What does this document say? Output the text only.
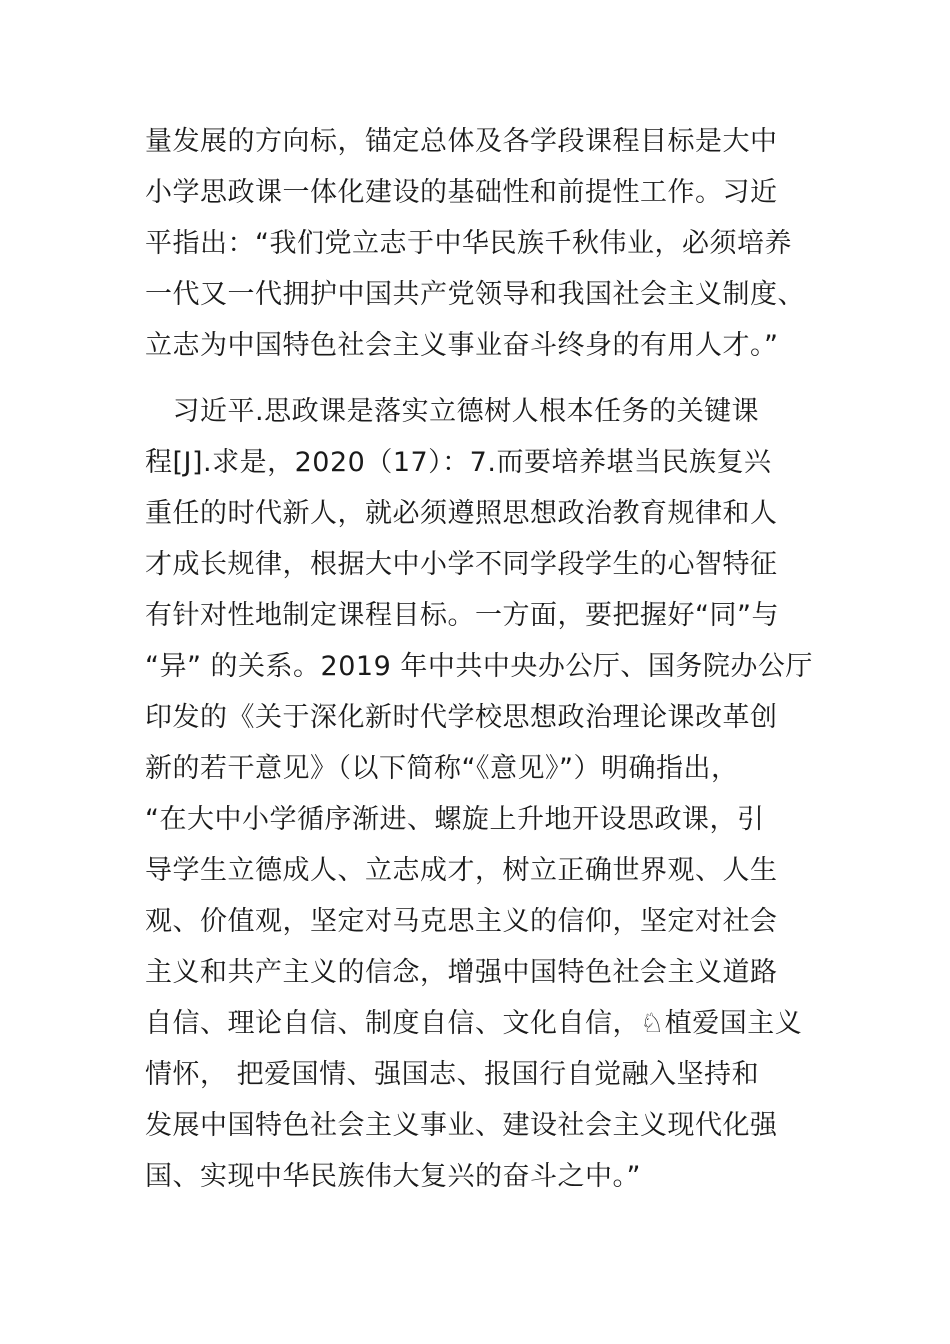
量发展的方向标，锚定总体及各学段课程目标是大中
小学思政课一体化建设的基础性和前提性工作。习近
平指出：“我们党立志于中华民族千秋伟业，必须培养
一代又一代拥护中国共产党领导和我国社会主义制度、
立志为中国特色社会主义事业奋斗终身的有用人才。”
　习近平.思政课是落实立德树人根本任务的关键课
程[J].求是，2020（17）：7.而要培养堪当民族复兴
重任的时代新人，就必须遵照思想政治教育规律和人
才成长规律，根据大中小学不同学段学生的心智特征
有针对性地制定课程目标。一方面，要把握好“同”与
“异” 的关系。2019 年中共中央办公厅、国务院办公厅
印发的《关于深化新时代学校思想政治理论课改革创
新的若干意见》（以下简称“《意见》”）明确指出，
“在大中小学循序渐进、螺旋上升地开设思政课，引
导学生立德成人、立志成才，树立正确世界观、人生
观、价值观，坚定对马克思主义的信仰，坚定对社会
主义和共产主义的信念，增强中国特色社会主义道路
自信、理论自信、制度自信、文化自信，♘植爱国主义
情怀， 把爱国情、强国志、报国行自觉融入坚持和
发展中国特色社会主义事业、建设社会主义现代化强
国、实现中华民族伟大复兴的奋斗之中。”
